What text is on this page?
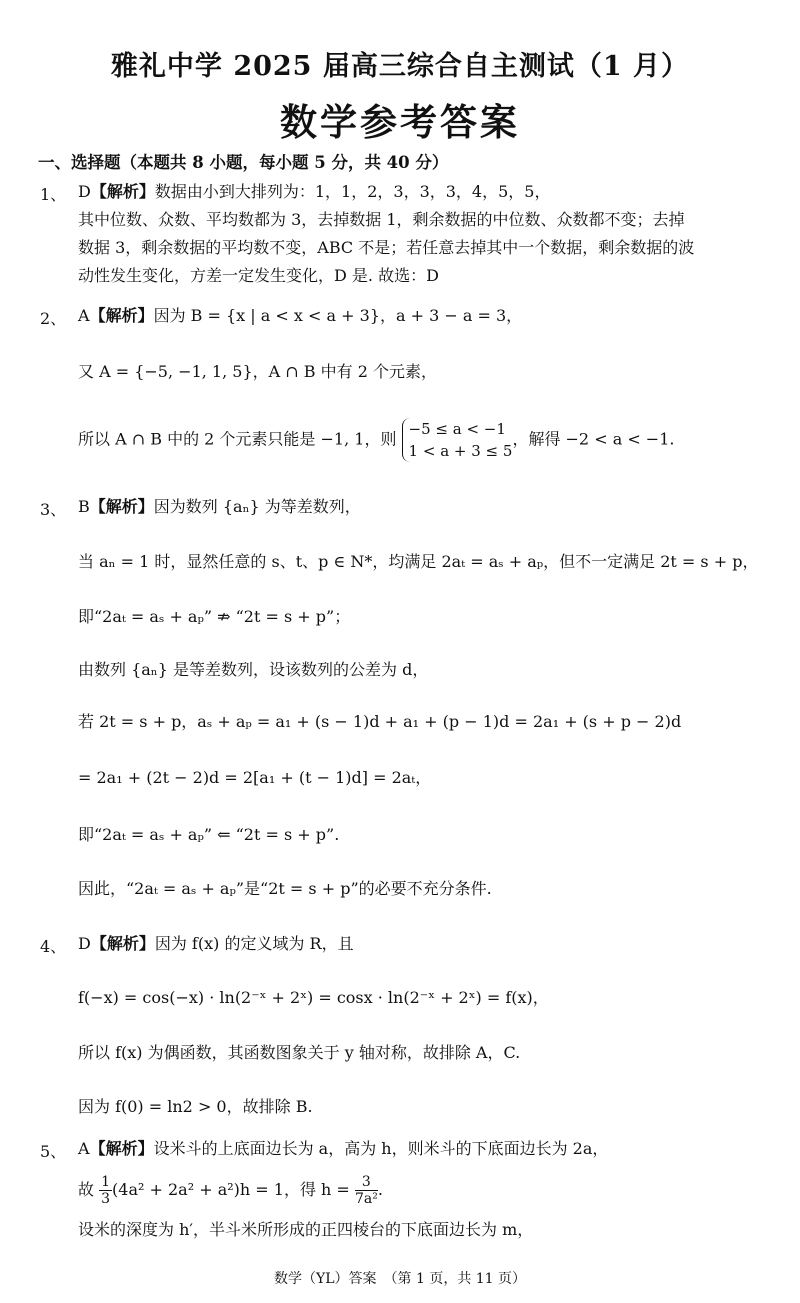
雅礼中学 2025 届高三综合自主测试（1 月）
数学参考答案
一、选择题（本题共 8 小题，每小题 5 分，共 40 分）
1、 D【解析】数据由小到大排列为：1，1，2，3，3，3，4，5，5，
其中位数、众数、平均数都为 3，去掉数据 1，剩余数据的中位数、众数都不变；去掉
数据 3，剩余数据的平均数不变，ABC 不是；若任意去掉其中一个数据，剩余数据的波
动性发生变化，方差一定发生变化，D 是. 故选：D
2、 A【解析】因为 B = {x | a < x < a + 3}，a + 3 − a = 3，
又 A = {−5, −1, 1, 5}，A ∩ B 中有 2 个元素，
所以 A ∩ B 中的 2 个元素只能是 −1, 1，则
−5 ≤ a < −1
1 < a + 3 ≤ 5
，解得 −2 < a < −1.
3、 B【解析】因为数列 {aₙ} 为等差数列，
当 aₙ = 1 时，显然任意的 s、t、p ∈ N*，均满足 2aₜ = aₛ + aₚ，但不一定满足 2t = s + p，
即“2aₜ = aₛ + aₚ” ⇏ “2t = s + p”；
由数列 {aₙ} 是等差数列，设该数列的公差为 d，
若 2t = s + p，aₛ + aₚ = a₁ + (s − 1)d + a₁ + (p − 1)d = 2a₁ + (s + p − 2)d
= 2a₁ + (2t − 2)d = 2[a₁ + (t − 1)d] = 2aₜ，
即“2aₜ = aₛ + aₚ” ⇐ “2t = s + p”.
因此，“2aₜ = aₛ + aₚ”是“2t = s + p”的必要不充分条件.
4、 D【解析】因为 f(x) 的定义域为 R，且
f(−x) = cos(−x) · ln(2⁻ˣ + 2ˣ) = cosx · ln(2⁻ˣ + 2ˣ) = f(x)，
所以 f(x) 为偶函数，其函数图象关于 y 轴对称，故排除 A，C.
因为 f(0) = ln2 > 0，故排除 B.
5、 A【解析】设米斗的上底面边长为 a，高为 h，则米斗的下底面边长为 2a，
故 $\frac{1}{3} (4a^2 + 2a^2 + a^2)h = 1$，得 $h = \frac{3}{\text{7a²}}$ .
设米的深度为 h′，半斗米所形成的正四棱台的下底面边长为 m，
数学（YL）答案　（第 1 页，共 11 页）
